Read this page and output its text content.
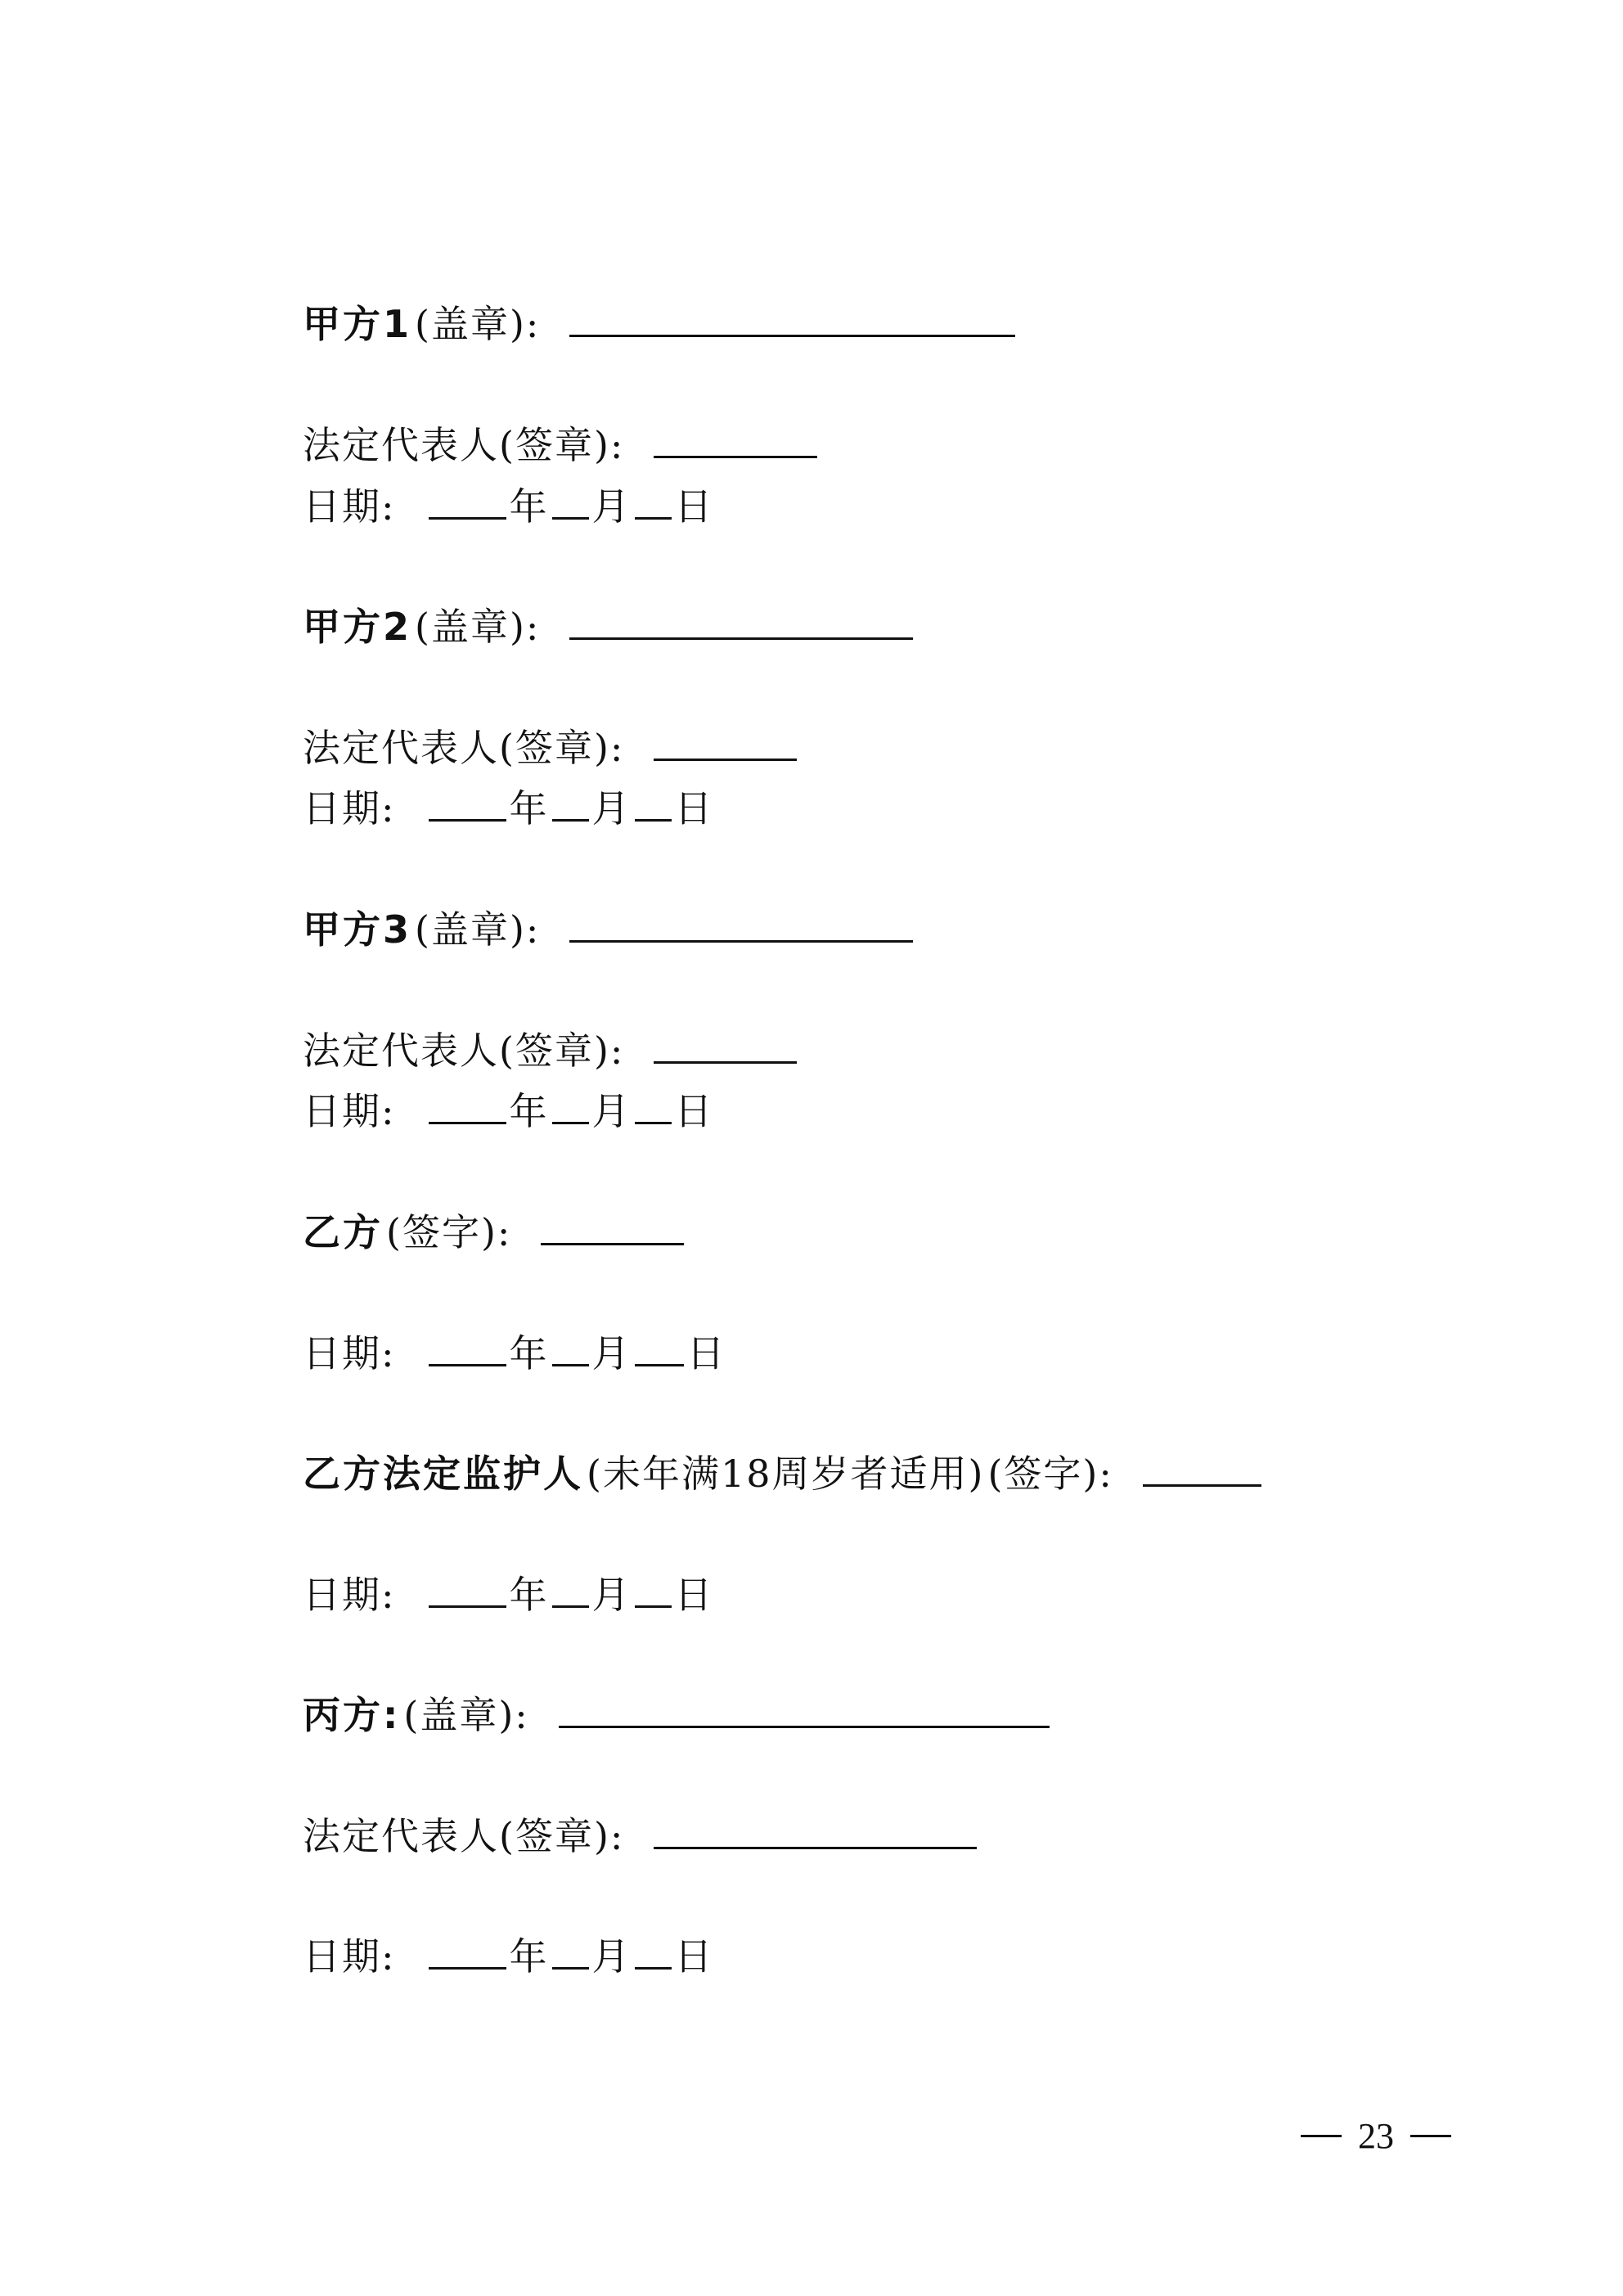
甲方1 (盖章):
法定代表人(签章):
日期:	年 月 日
甲方2 (盖章):
法定代表人(签章):
日期:	年 月 日
甲方3 (盖章):
法定代表人(签章):
日期:	年 月 日
乙方 (签字):
日期:	年 月 日
乙方法定监护人 (未年满18周岁者适用) (签字):
日期:	年 月 日
丙方: (盖章):
法定代表人(签章):
日期:	年 月 日
23
